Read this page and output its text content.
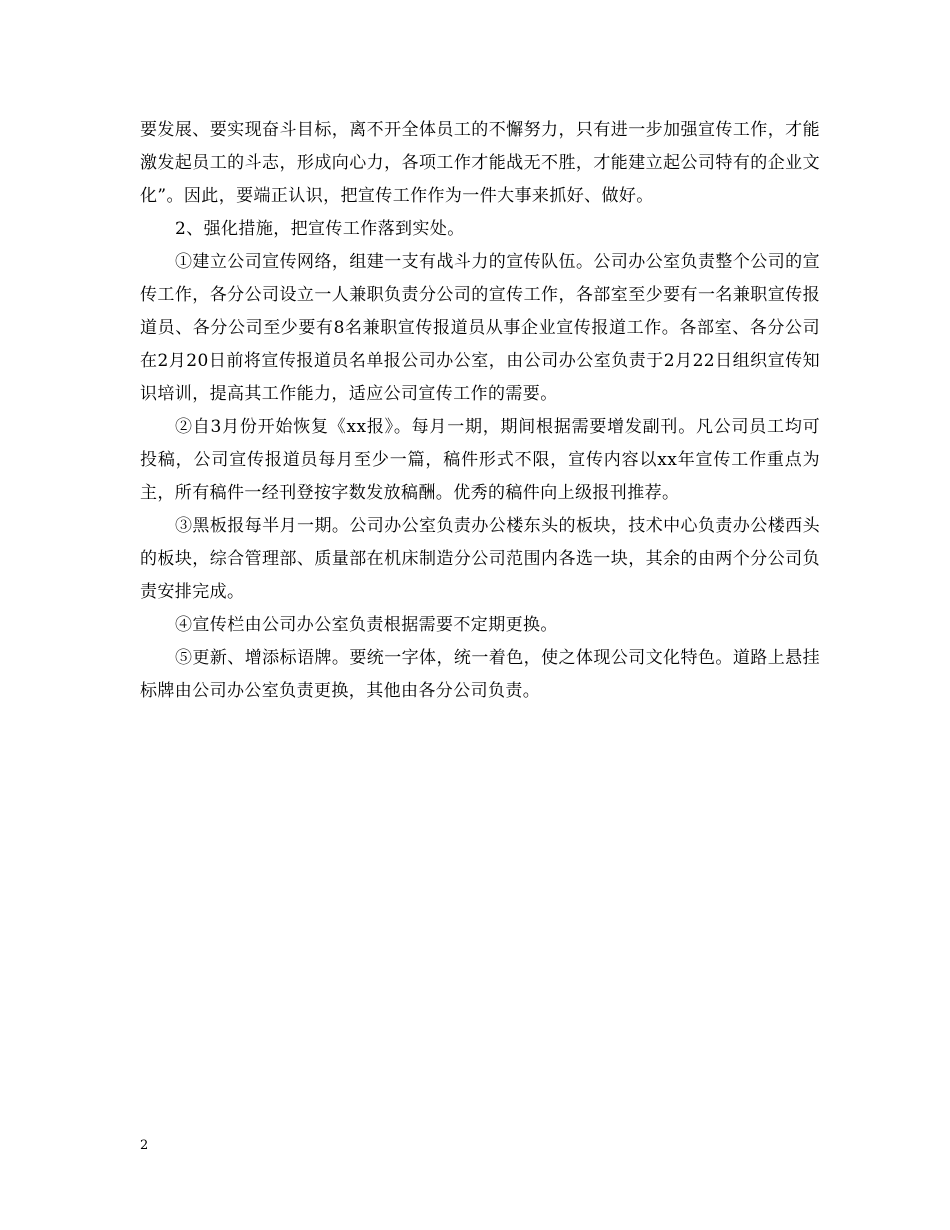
要发展、要实现奋斗目标，离不开全体员工的不懈努力，只有进一步加强宣传工作，才能激发起员工的斗志，形成向心力，各项工作才能战无不胜，才能建立起公司特有的企业文化”。因此，要端正认识，把宣传工作作为一件大事来抓好、做好。

2、强化措施，把宣传工作落到实处。

①建立公司宣传网络，组建一支有战斗力的宣传队伍。公司办公室负责整个公司的宣传工作，各分公司设立一人兼职负责分公司的宣传工作，各部室至少要有一名兼职宣传报道员、各分公司至少要有8名兼职宣传报道员从事企业宣传报道工作。各部室、各分公司在2月20日前将宣传报道员名单报公司办公室，由公司办公室负责于2月22日组织宣传知识培训，提高其工作能力，适应公司宣传工作的需要。

②自3月份开始恢复《xx报》。每月一期，期间根据需要增发副刊。凡公司员工均可投稿，公司宣传报道员每月至少一篇，稿件形式不限，宣传内容以xx年宣传工作重点为主，所有稿件一经刊登按字数发放稿酬。优秀的稿件向上级报刊推荐。

③黑板报每半月一期。公司办公室负责办公楼东头的板块，技术中心负责办公楼西头的板块，综合管理部、质量部在机床制造分公司范围内各选一块，其余的由两个分公司负责安排完成。

④宣传栏由公司办公室负责根据需要不定期更换。

⑤更新、增添标语牌。要统一字体，统一着色，使之体现公司文化特色。道路上悬挂标牌由公司办公室负责更换，其他由各分公司负责。

2
